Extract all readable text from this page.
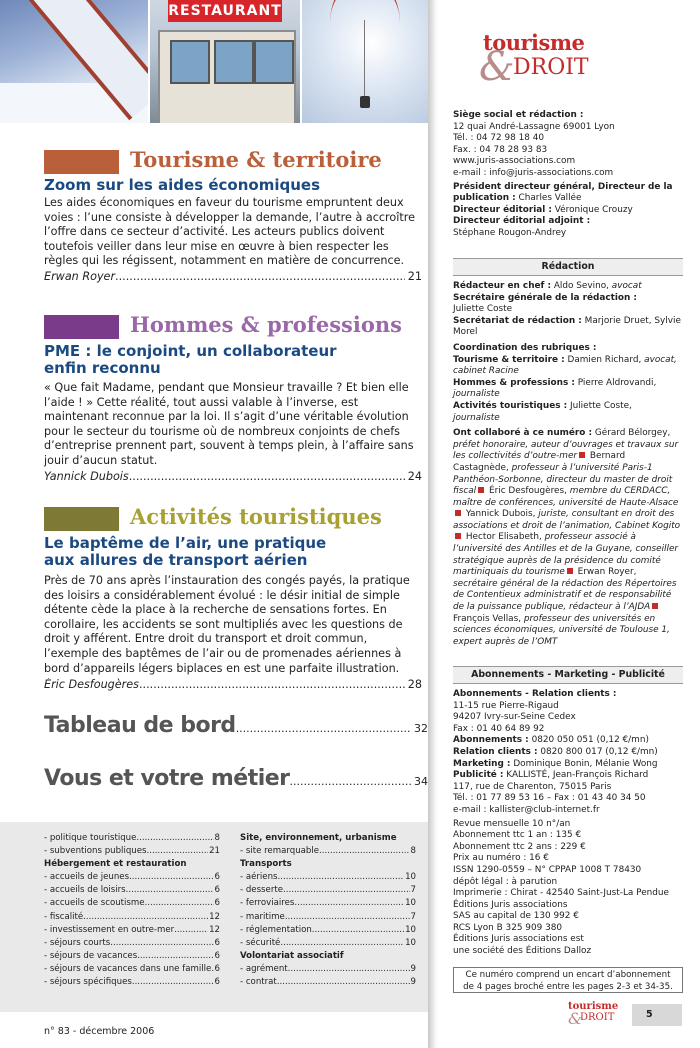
RESTAURANT
Tourisme & territoire
Zoom sur les aides économiques
Les aides économiques en faveur du tourisme empruntent deux voies : l’une consiste à développer la demande, l’autre à accroître l’offre dans ce secteur d’activité. Les acteurs publics doivent toutefois veiller dans leur mise en œuvre à bien respecter les règles qui les régissent, notamment en matière de concurrence.
Erwan Royer .....	21
Hommes & professions
PME : le conjoint, un collaborateur enfin reconnu
« Que fait Madame, pendant que Monsieur travaille ? Et bien elle l’aide ! » Cette réalité, tout aussi valable à l’inverse, est maintenant reconnue par la loi. Il s’agit d’une véritable évolution pour le secteur du tourisme où de nombreux conjoints de chefs d’entreprise prennent part, souvent à temps plein, à l’affaire sans jouir d’aucun statut.
Yannick Dubois .....	24
Activités touristiques
Le baptême de l’air, une pratique aux allures de transport aérien
Près de 70 ans après l’instauration des congés payés, la pratique des loisirs a considérablement évolué : le désir initial de simple détente cède la place à la recherche de sensations fortes. En corollaire, les accidents se sont multipliés avec les questions de droit y afférent. Entre droit du transport et droit commun, l’exemple des baptêmes de l’air ou de promenades aériennes à bord d’appareils légers biplaces en est une parfaite illustration.
Éric Desfougères .....	28
Tableau de bord .....	32
Vous et votre métier .....	34
- politique touristique .....	8
- subventions publiques .....	21
Hébergement et restauration
- accueils de jeunes .....	6
- accueils de loisirs .....	6
- accueils de scoutisme .....	6
- fiscalité .....	12
- investissement en outre-mer .....	12
- séjours courts .....	6
- séjours de vacances .....	6
- séjours de vacances dans une famille ..... 6
- séjours spécifiques .....	6
Site, environnement, urbanisme
- site remarquable .....	8
Transports
- aériens .....	10
- desserte .....	7
- ferroviaires .....	10
- maritime .....	7
- réglementation .....	10
- sécurité .....	10
Volontariat associatif
- agrément .....	9
- contrat .....	9
n° 83 - décembre 2006
&
tourisme
DROIT
Siège social et rédaction :
12 quai André-Lassagne 69001 Lyon
Tél. : 04 72 98 18 40
Fax. : 04 78 28 93 83
www.juris-associations.com
e-mail : info@juris-associations.com
Président directeur général, Directeur de la publication : Charles Vallée
Directeur éditorial : Véronique Crouzy
Directeur éditorial adjoint :
Stéphane Rougon-Andrey
Rédaction
Rédacteur en chef : Aldo Sevino, avocat
Secrétaire générale de la rédaction :
Juliette Coste
Secrétariat de rédaction : Marjorie Druet, Sylvie Morel
Coordination des rubriques :
Tourisme & territoire : Damien Richard, avocat, cabinet Racine
Hommes & professions : Pierre Aldrovandi, journaliste
Activités touristiques : Juliette Coste, journaliste
Ont collaboré à ce numéro : Gérard Bélorgey, préfet honoraire, auteur d’ouvrages et travaux sur les collectivités d’outre-mer Bernard Castagnède, professeur à l’université Paris-1 Panthéon-Sorbonne, directeur du master de droit fiscal Éric Desfougères, membre du CERDACC, maître de conférences, université de Haute-Alsace Yannick Dubois, juriste, consultant en droit des associations et droit de l’animation, Cabinet Kogito Hector Elisabeth, professeur associé à l’université des Antilles et de la Guyane, conseiller stratégique auprès de la présidence du comité martiniquais du tourisme Erwan Royer, secrétaire général de la rédaction des Répertoires de Contentieux administratif et de responsabilité de la puissance publique, rédacteur à l’AJDA François Vellas, professeur des universités en sciences économiques, université de Toulouse 1, expert auprès de l’OMT
Abonnements - Marketing - Publicité
Abonnements - Relation clients :
11-15 rue Pierre-Rigaud
94207 Ivry-sur-Seine Cedex
Fax : 01 40 64 89 92
Abonnements : 0820 050 051 (0,12 €/mn)
Relation clients : 0820 800 017 (0,12 €/mn)
Marketing : Dominique Bonin, Mélanie Wong
Publicité : KALLISTÉ, Jean-François Richard
117, rue de Charenton, 75015 Paris
Tél. : 01 77 89 53 16 – Fax : 01 43 40 34 50
e-mail : kallister@club-internet.fr
Revue mensuelle 10 n°/an
Abonnement ttc 1 an : 135 €
Abonnement ttc 2 ans : 229 €
Prix au numéro : 16 €
ISSN 1290-0559 – N° CPPAP 1008 T 78430
dépôt légal : à parution
Imprimerie : Chirat - 42540 Saint-Just-La Pendue
Éditions Juris associations
SAS au capital de 130 992 €
RCS Lyon B 325 909 380
Éditions Juris associations est
une société des Éditions Dalloz
Ce numéro comprend un encart d’abonnement
de 4 pages broché entre les pages 2-3 et 34-35.
&
tourisme
DROIT	5
